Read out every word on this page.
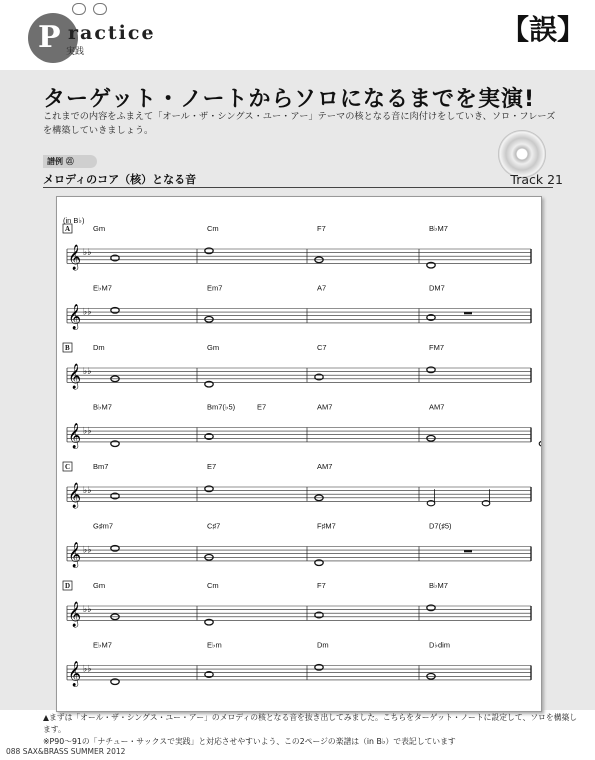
P ractice
実践
【誤】
ターゲット・ノートからソロになるまでを実演!
これまでの内容をふまえて「オール・ザ・シングス・ユー・アー」テーマの核となる音に肉付けをしていき、ソロ・フレーズを構築していきましょう。
譜例 ㉑
メロディのコア（核）となる音	Track 21
(in B♭)
𝄞 ♭♭
A	Gm	Cm	F7	B♭M7
𝄞 ♭♭
E♭M7	Em7	A7	DM7
𝄞 ♭♭
B	Dm	Gm	C7	FM7
𝄞 ♭♭
B♭M7	Bm7(♭5)	E7	AM7	AM7
𝄞 ♭♭
C	Bm7	E7	AM7
𝄞 ♭♭
G♯m7	C♯7	F♯M7	D7(♯5)
𝄞 ♭♭
D	Gm	Cm	F7	B♭M7
𝄞 ♭♭
E♭M7	E♭m	Dm	D♭dim
▲まずは「オール・ザ・シングス・ユー・アー」のメロディの核となる音を抜き出してみました。こちらをターゲット・ノートに設定して、ソロを構築します。
※P90〜91の「ナチュー・サックスで実践」と対応させやすいよう、この2ページの楽譜は（in B♭）で表記しています
088 SAX&BRASS SUMMER 2012
